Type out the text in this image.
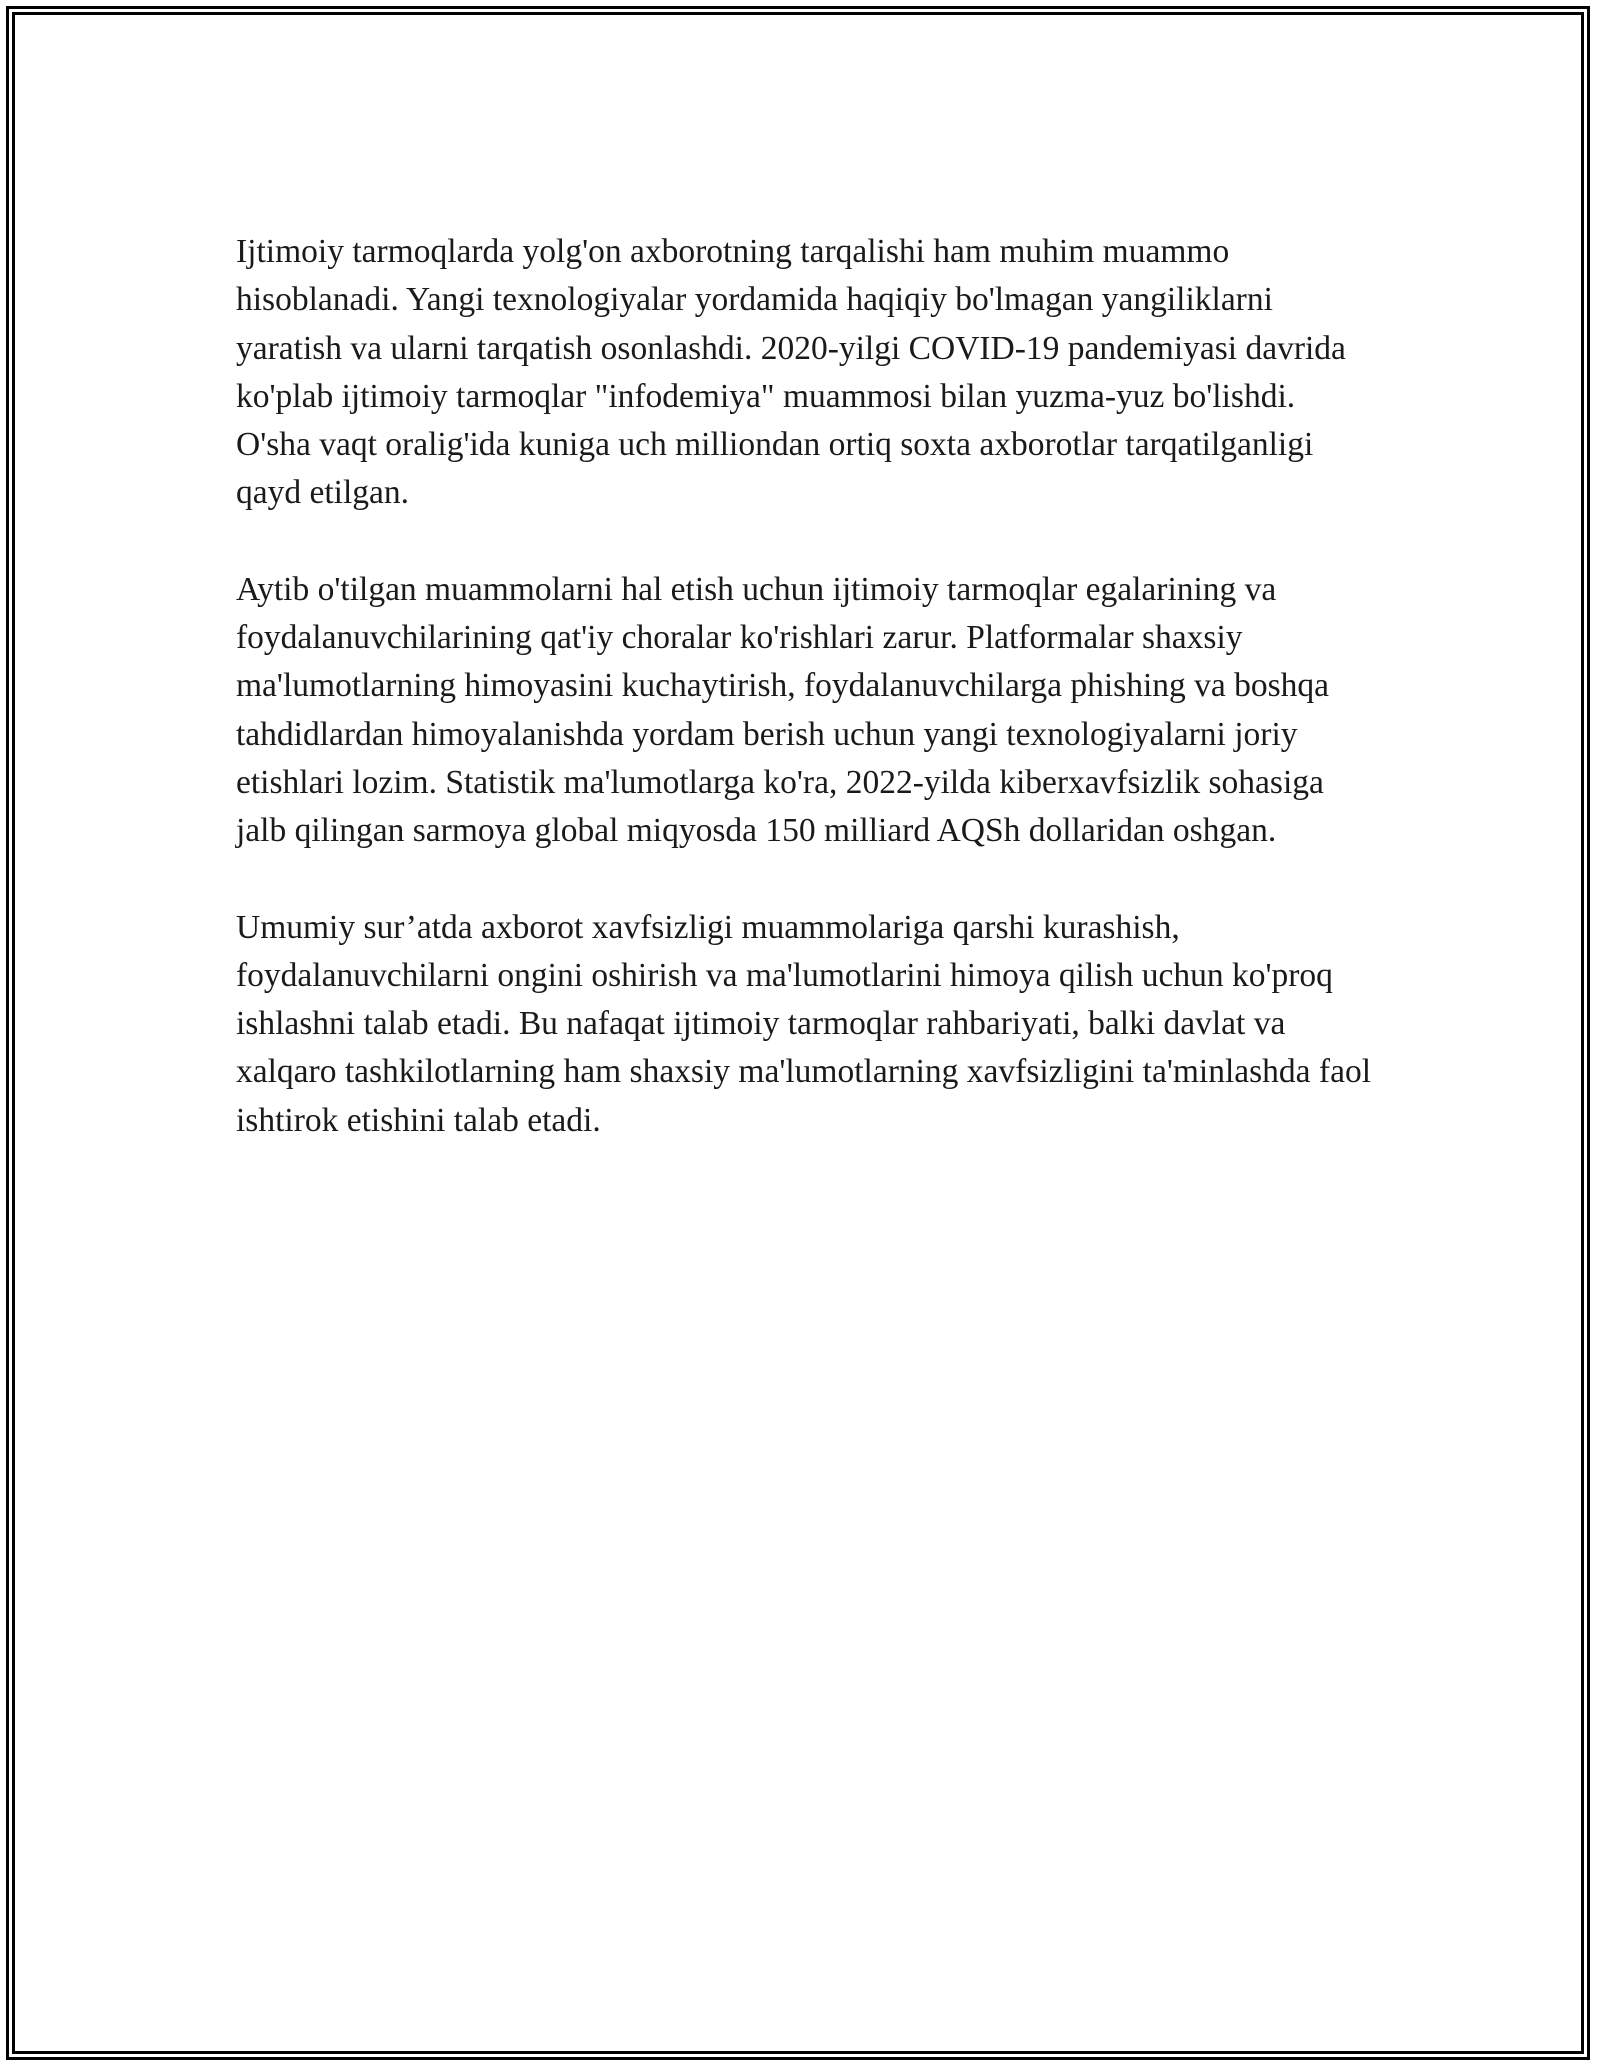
Ijtimoiy tarmoqlarda yolg'on axborotning tarqalishi ham muhim muammo hisoblanadi. Yangi texnologiyalar yordamida haqiqiy bo'lmagan yangiliklarni yaratish va ularni tarqatish osonlashdi. 2020-yilgi COVID-19 pandemiyasi davrida ko'plab ijtimoiy tarmoqlar "infodemiya" muammosi bilan yuzma-yuz bo'lishdi. O'sha vaqt oralig'ida kuniga uch milliondan ortiq soxta axborotlar tarqatilganligi qayd etilgan.

Aytib o'tilgan muammolarni hal etish uchun ijtimoiy tarmoqlar egalarining va foydalanuvchilarining qat'iy choralar ko'rishlari zarur. Platformalar shaxsiy ma'lumotlarning himoyasini kuchaytirish, foydalanuvchilarga phishing va boshqa tahdidlardan himoyalanishda yordam berish uchun yangi texnologiyalarni joriy etishlari lozim. Statistik ma'lumotlarga ko'ra, 2022-yilda kiberxavfsizlik sohasiga jalb qilingan sarmoya global miqyosda 150 milliard AQSh dollaridan oshgan.

Umumiy sur’atda axborot xavfsizligi muammolariga qarshi kurashish, foydalanuvchilarni ongini oshirish va ma'lumotlarini himoya qilish uchun ko'proq ishlashni talab etadi. Bu nafaqat ijtimoiy tarmoqlar rahbariyati, balki davlat va xalqaro tashkilotlarning ham shaxsiy ma'lumotlarning xavfsizligini ta'minlashda faol ishtirok etishini talab etadi.
